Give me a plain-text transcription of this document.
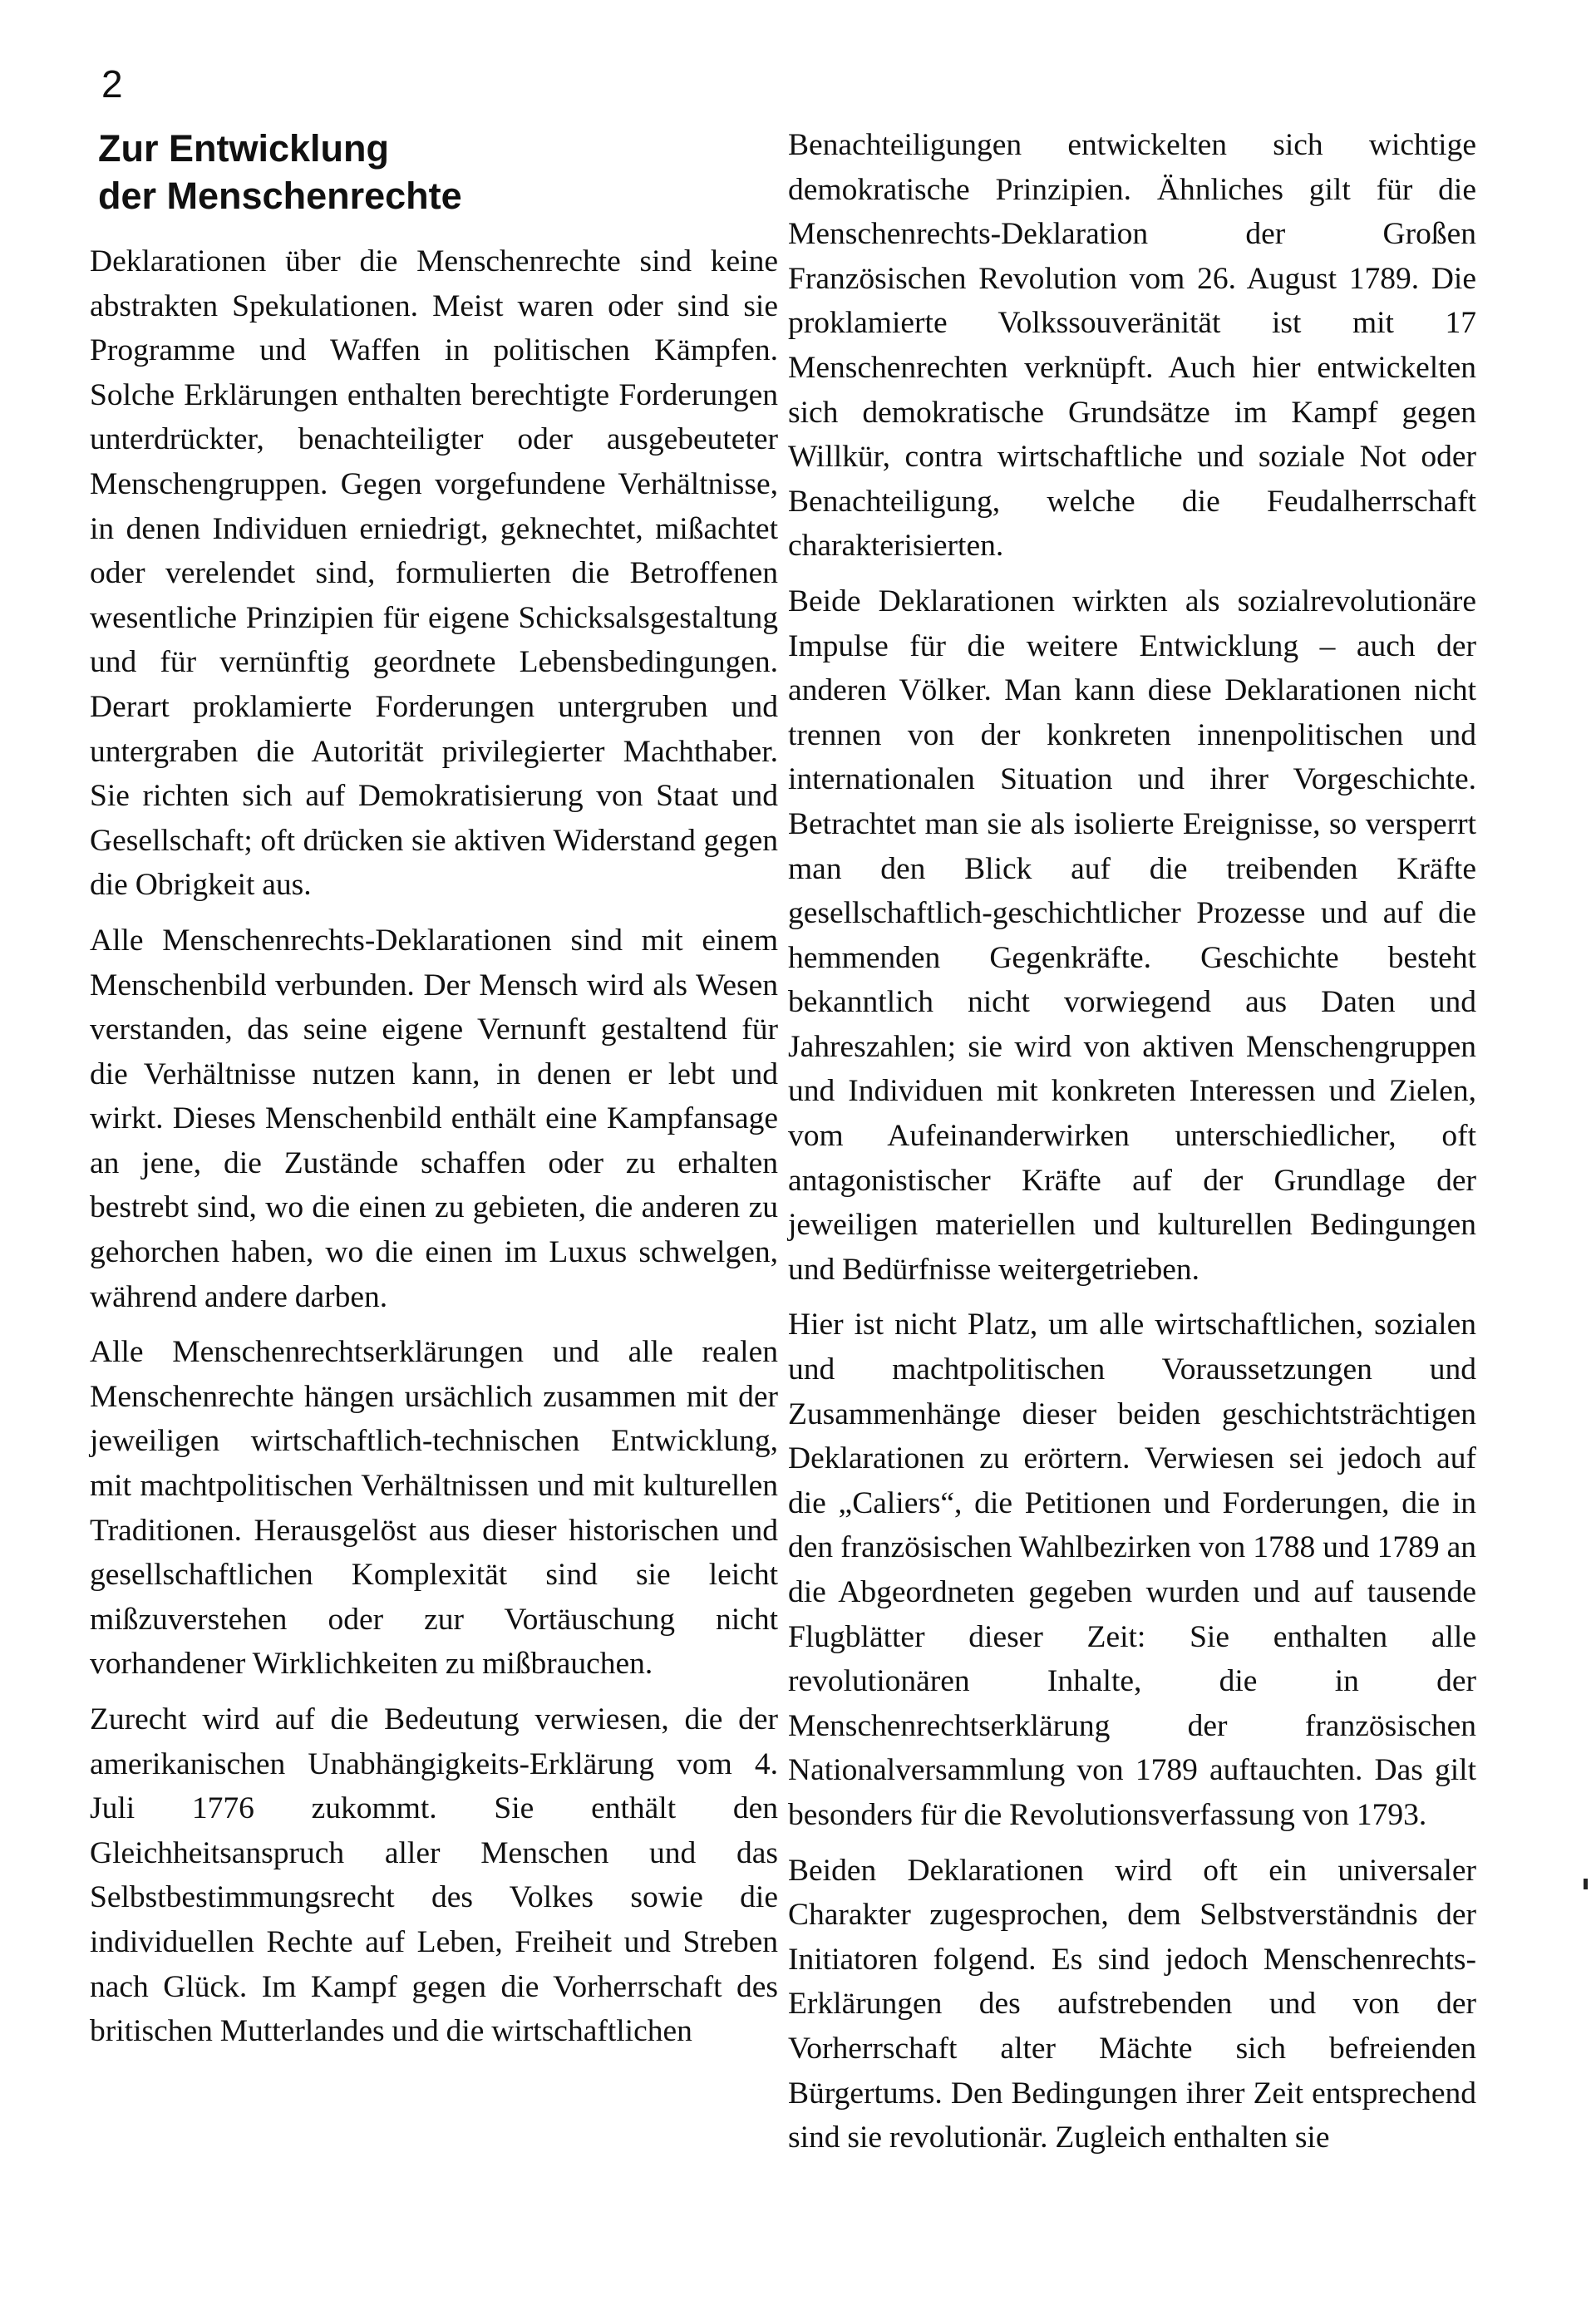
2
Zur Entwicklung
der Menschenrechte

Deklarationen über die Menschenrechte sind keine abstrakten Spekulationen. Meist waren oder sind sie Programme und Waffen in politischen Kämpfen. Solche Erklärungen enthalten berechtigte Forderungen unterdrückter, benachteiligter oder ausgebeuteter Menschengruppen. Gegen vorgefundene Verhältnisse, in denen Individuen erniedrigt, geknechtet, mißachtet oder verelendet sind, formulierten die Betroffenen wesentliche Prinzipien für eigene Schicksalsgestaltung und für vernünftig geordnete Lebensbedingungen. Derart proklamierte Forderungen untergruben und untergraben die Autorität privilegierter Machthaber. Sie richten sich auf Demokratisierung von Staat und Gesellschaft; oft drücken sie aktiven Widerstand gegen die Obrigkeit aus.

Alle Menschenrechts-Deklarationen sind mit einem Menschenbild verbunden. Der Mensch wird als Wesen verstanden, das seine eigene Vernunft gestaltend für die Verhältnisse nutzen kann, in denen er lebt und wirkt. Dieses Menschenbild enthält eine Kampfansage an jene, die Zustände schaffen oder zu erhalten bestrebt sind, wo die einen zu gebieten, die anderen zu gehorchen haben, wo die einen im Luxus schwelgen, während andere darben.

Alle Menschenrechtserklärungen und alle realen Menschenrechte hängen ursächlich zusammen mit der jeweiligen wirtschaftlich-technischen Entwicklung, mit machtpolitischen Verhältnissen und mit kulturellen Traditionen. Herausgelöst aus dieser historischen und gesellschaftlichen Komplexität sind sie leicht mißzuverstehen oder zur Vortäuschung nicht vorhandener Wirklichkeiten zu mißbrauchen.

Zurecht wird auf die Bedeutung verwiesen, die der amerikanischen Unabhängigkeits-Erklärung vom 4. Juli 1776 zukommt. Sie enthält den Gleichheitsanspruch aller Menschen und das Selbstbestimmungsrecht des Volkes sowie die individuellen Rechte auf Leben, Freiheit und Streben nach Glück. Im Kampf gegen die Vorherrschaft des britischen Mutterlandes und die wirtschaftlichen

Benachteiligungen entwickelten sich wichtige demokratische Prinzipien. Ähnliches gilt für die Menschenrechts-Deklaration der Großen Französischen Revolution vom 26. August 1789. Die proklamierte Volkssouveränität ist mit 17 Menschenrechten verknüpft. Auch hier entwickelten sich demokratische Grundsätze im Kampf gegen Willkür, contra wirtschaftliche und soziale Not oder Benachteiligung, welche die Feudalherrschaft charakterisierten.

Beide Deklarationen wirkten als sozialrevolutionäre Impulse für die weitere Entwicklung – auch der anderen Völker. Man kann diese Deklarationen nicht trennen von der konkreten innenpolitischen und internationalen Situation und ihrer Vorgeschichte. Betrachtet man sie als isolierte Ereignisse, so versperrt man den Blick auf die treibenden Kräfte gesellschaftlich-geschichtlicher Prozesse und auf die hemmenden Gegenkräfte. Geschichte besteht bekanntlich nicht vorwiegend aus Daten und Jahreszahlen; sie wird von aktiven Menschengruppen und Individuen mit konkreten Interessen und Zielen, vom Aufeinanderwirken unterschiedlicher, oft antagonistischer Kräfte auf der Grundlage der jeweiligen materiellen und kulturellen Bedingungen und Bedürfnisse weitergetrieben.

Hier ist nicht Platz, um alle wirtschaftlichen, sozialen und machtpolitischen Voraussetzungen und Zusammenhänge dieser beiden geschichtsträchtigen Deklarationen zu erörtern. Verwiesen sei jedoch auf die „Caliers“, die Petitionen und Forderungen, die in den französischen Wahlbezirken von 1788 und 1789 an die Abgeordneten gegeben wurden und auf tausende Flugblätter dieser Zeit: Sie enthalten alle revolutionären Inhalte, die in der Menschenrechtserklärung der französischen Nationalversammlung von 1789 auftauchten. Das gilt besonders für die Revolutionsverfassung von 1793.

Beiden Deklarationen wird oft ein universaler Charakter zugesprochen, dem Selbstverständnis der Initiatoren folgend. Es sind jedoch Menschenrechts-Erklärungen des aufstrebenden und von der Vorherrschaft alter Mächte sich befreienden Bürgertums. Den Bedingungen ihrer Zeit entsprechend sind sie revolutionär. Zugleich enthalten sie
